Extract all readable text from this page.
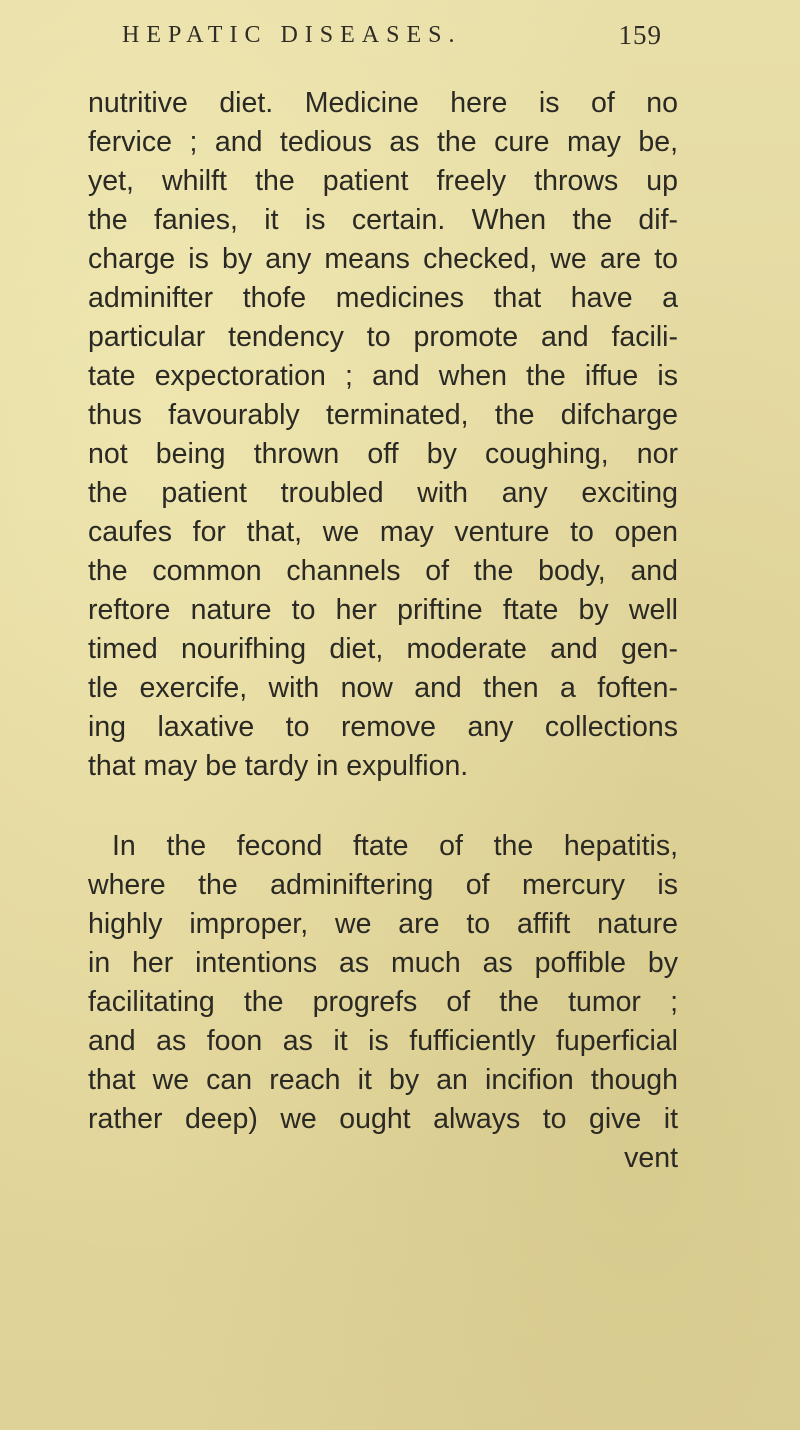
HEPATIC DISEASES.	159
nutritive diet. Medicine here is of no
fervice ; and tedious as the cure may be,
yet, whilft the patient freely throws up
the fanies, it is certain. When the dif-
charge is by any means checked, we are to
adminifter thofe medicines that have a
particular tendency to promote and facili-
tate expectoration ; and when the iffue is
thus favourably terminated, the difcharge
not being thrown off by coughing, nor
the patient troubled with any exciting
caufes for that, we may venture to open
the common channels of the body, and
reftore nature to her priftine ftate by well
timed nourifhing diet, moderate and gen-
tle exercife, with now and then a foften-
ing laxative to remove any collections
that may be tardy in expulfion.
In the fecond ftate of the hepatitis,
where the adminiftering of mercury is
highly improper, we are to affift nature
in her intentions as much as poffible by
facilitating the progrefs of the tumor ;
and as foon as it is fufficiently fuperficial
that we can reach it by an incifion though
rather deep) we ought always to give it
vent
